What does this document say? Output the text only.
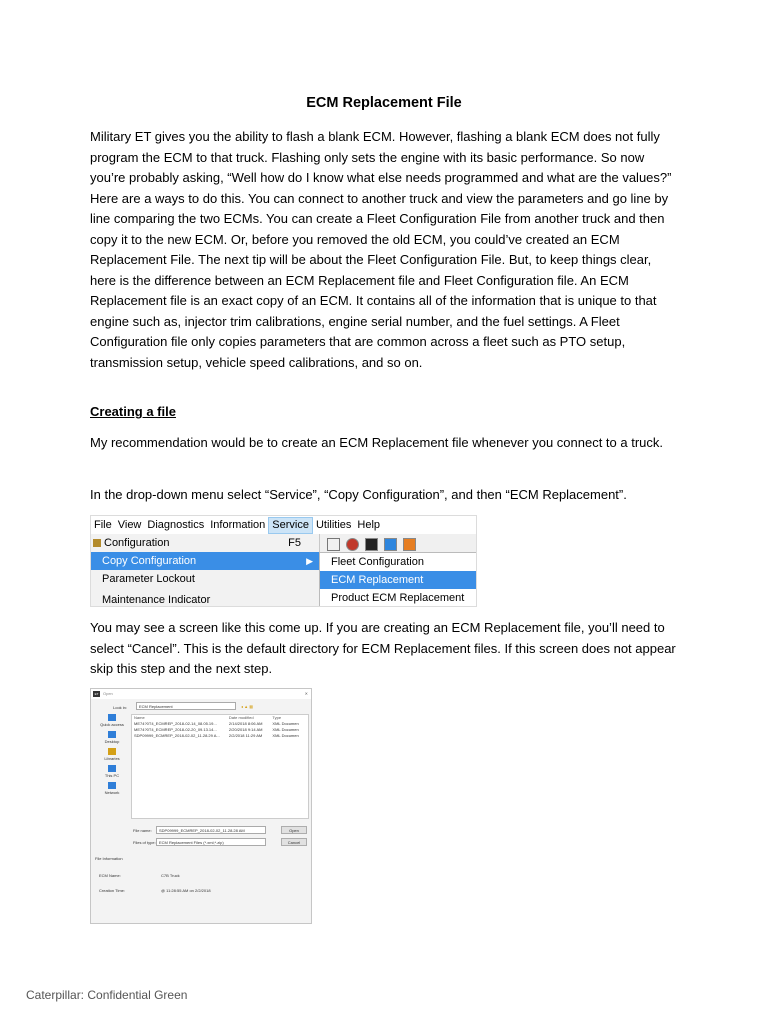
ECM Replacement File

Military ET gives you the ability to flash a blank ECM. However, flashing a blank ECM does not fully program the ECM to that truck. Flashing only sets the engine with its basic performance. So now you’re probably asking, “Well how do I know what else needs programmed and what are the values?” Here are a ways to do this. You can connect to another truck and view the parameters and go line by line comparing the two ECMs. You can create a Fleet Configuration File from another truck and then copy it to the new ECM. Or, before you removed the old ECM, you could’ve created an ECM Replacement File. The next tip will be about the Fleet Configuration File. But, to keep things clear, here is the difference between an ECM Replacement file and Fleet Configuration file. An ECM Replacement file is an exact copy of an ECM. It contains all of the information that is unique to that engine such as, injector trim calibrations, engine serial number, and the fuel settings. A Fleet Configuration file only copies parameters that are common across a fleet such as PTO setup, transmission setup, vehicle speed calibrations, and so on.

Creating a file

My recommendation would be to create an ECM Replacement file whenever you connect to a truck.

In the drop-down menu select “Service”, “Copy Configuration”, and then “ECM Replacement”.

File View Diagnostics Information Service Utilities Help
Configuration	F5
Copy Configuration	▶
Parameter Lockout
Maintenance Indicator
Fleet Configuration
ECM Replacement
Product ECM Replacement

You may see a screen like this come up. If you are creating an ECM Replacement file, you’ll need to select “Cancel”. This is the default directory for ECM Replacement files. If this screen does not appear skip this step and the next step.

ET	Open	✕
Look in:	ECM Replacement	◂ ▲ ▦
Quick access
Desktop
Libraries
This PC
Network
Name	Date modified	Type
ME74?0T4_ECMREP_2018-02-14_08.05.19...	2/14/2018 8:06 AM	XML Documen
ME74?0T4_ECMREP_2018-02-20_09.13.14...	2/20/2018 9:14 AM	XML Documen
SDP09999_ECMREP_2018-02-02_11.28.29 A...	2/2/2018 11:29 AM	XML Documen
File name:	SDP09999_ECMREP_2018-02-02_11.28.28 AM
Files of type: ECM Replacement Files (*.xml;*.zip)
Open
Cancel
File Information
ECM Name:	C7B Truck
Creation Time:	@ 11:28:55 AM on 2/2/2018
Caterpillar: Confidential Green
